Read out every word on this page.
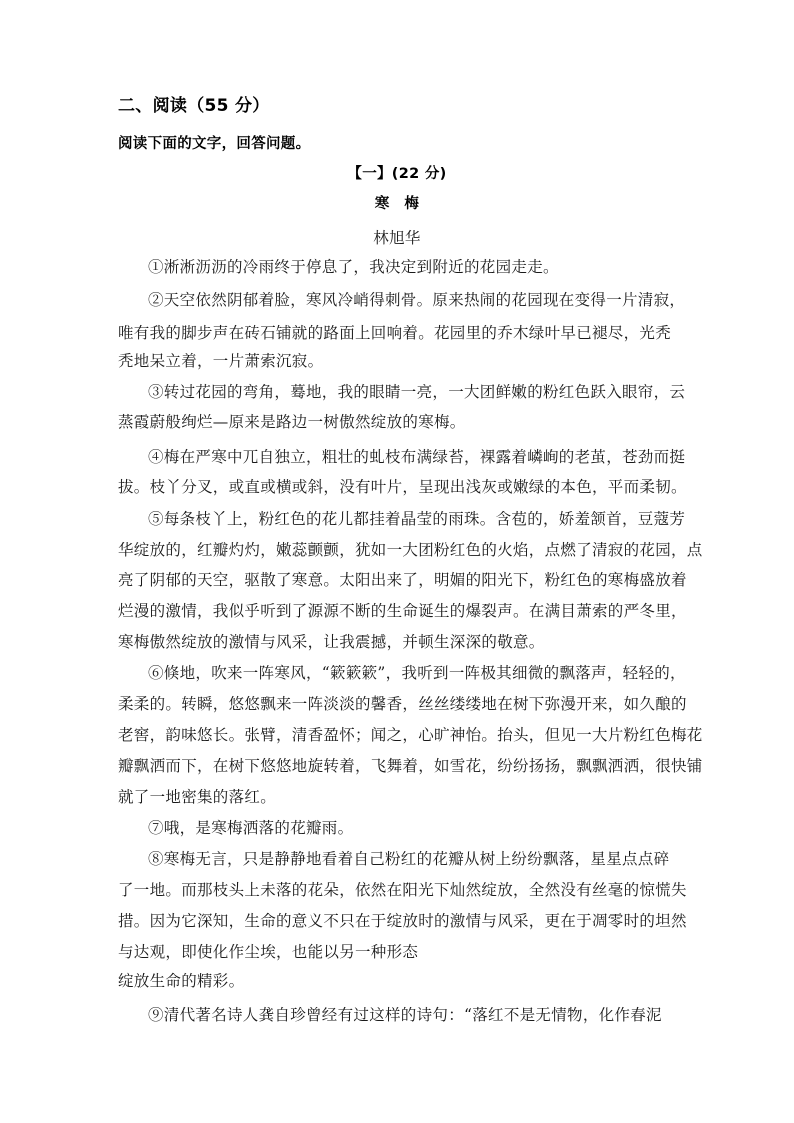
二、阅读（55 分）
阅读下面的文字，回答问题。
【一】(22 分)
寒　梅
林旭华
①淅淅沥沥的冷雨终于停息了，我决定到附近的花园走走。
②天空依然阴郁着脸，寒风冷峭得刺骨。原来热闹的花园现在变得一片清寂，
唯有我的脚步声在砖石铺就的路面上回响着。花园里的乔木绿叶早已褪尽，光秃
秃地呆立着，一片萧索沉寂。
③转过花园的弯角，蓦地，我的眼睛一亮，一大团鲜嫩的粉红色跃入眼帘，云
蒸霞蔚般绚烂—原来是路边一树傲然绽放的寒梅。
④梅在严寒中兀自独立，粗壮的虬枝布满绿苔，裸露着嶙峋的老茧，苍劲而挺
拔。枝丫分叉，或直或横或斜，没有叶片，呈现出浅灰或嫩绿的本色，平而柔韧。
⑤每条枝丫上，粉红色的花儿都挂着晶莹的雨珠。含苞的，娇羞颔首，豆蔻芳
华绽放的，红瓣灼灼，嫩蕊颤颤，犹如一大团粉红色的火焰，点燃了清寂的花园，点
亮了阴郁的天空，驱散了寒意。太阳出来了，明媚的阳光下，粉红色的寒梅盛放着
烂漫的激情，我似乎听到了源源不断的生命诞生的爆裂声。在满目萧索的严冬里，
寒梅傲然绽放的激情与风采，让我震撼，并顿生深深的敬意。
⑥倏地，吹来一阵寒风，“簌簌簌”，我听到一阵极其细微的飘落声，轻轻的，
柔柔的。转瞬，悠悠飘来一阵淡淡的馨香，丝丝缕缕地在树下弥漫开来，如久酿的
老窖，韵味悠长。张臂，清香盈怀；闻之，心旷神怡。抬头，但见一大片粉红色梅花
瓣飘洒而下，在树下悠悠地旋转着，飞舞着，如雪花，纷纷扬扬，飘飘洒洒，很快铺
就了一地密集的落红。
⑦哦，是寒梅洒落的花瓣雨。
⑧寒梅无言，只是静静地看着自己粉红的花瓣从树上纷纷飘落，星星点点碎
了一地。而那枝头上未落的花朵，依然在阳光下灿然绽放，全然没有丝毫的惊慌失
措。因为它深知，生命的意义不只在于绽放时的激情与风采，更在于凋零时的坦然
与达观，即使化作尘埃，也能以另一种形态
绽放生命的精彩。
⑨清代著名诗人龚自珍曾经有过这样的诗句：“落红不是无情物，化作春泥
